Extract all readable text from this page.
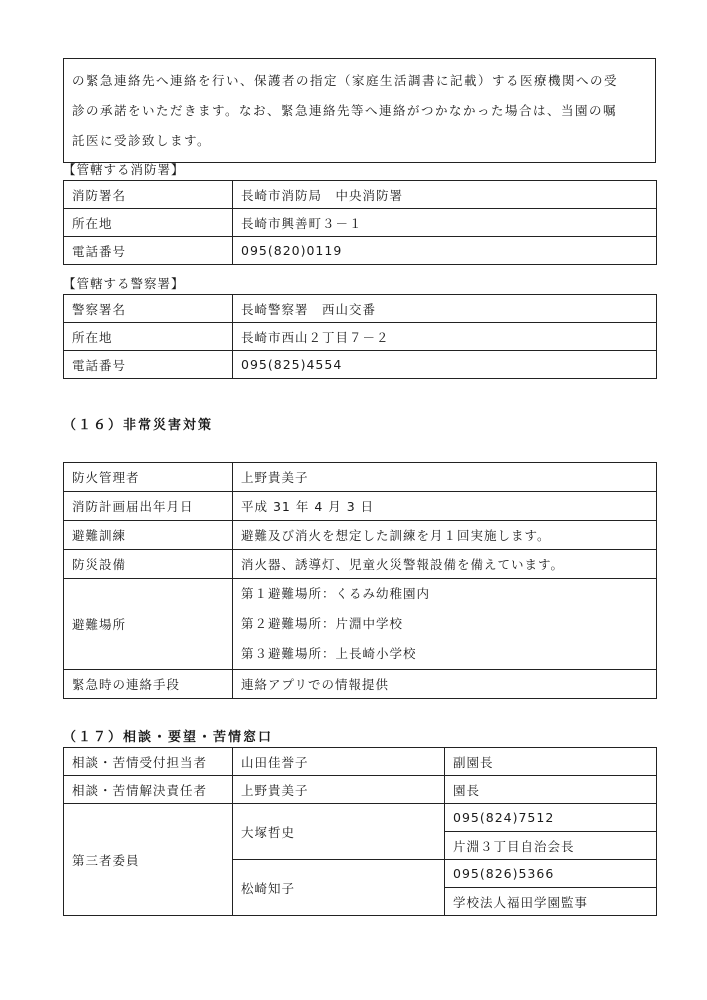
の緊急連絡先へ連絡を行い、保護者の指定（家庭生活調書に記載）する医療機関への受
診の承諾をいただきます。なお、緊急連絡先等へ連絡がつかなかった場合は、当園の嘱
託医に受診致します。
【管轄する消防署】
消防署名	長崎市消防局　中央消防署
所在地	長崎市興善町３－１
電話番号	095(820)0119
【管轄する警察署】
警察署名	長崎警察署　西山交番
所在地	長崎市西山２丁目７－２
電話番号	095(825)4554
（１６）非常災害対策
防火管理者	上野貴美子
消防計画届出年月日	平成 31 年 4 月 3 日
避難訓練	避難及び消火を想定した訓練を月１回実施します。
防災設備	消火器、誘導灯、児童火災警報設備を備えています。
避難場所	第１避難場所：くるみ幼稚園内
第２避難場所：片淵中学校
第３避難場所：上長崎小学校

緊急時の連絡手段	連絡アプリでの情報提供
（１７）相談・要望・苦情窓口
相談・苦情受付担当者	山田佳誉子	副園長
相談・苦情解決責任者	上野貴美子	園長
第三者委員	大塚哲史	095(824)7512
		片淵３丁目自治会長
	松崎知子	095(826)5366
		学校法人福田学園監事
